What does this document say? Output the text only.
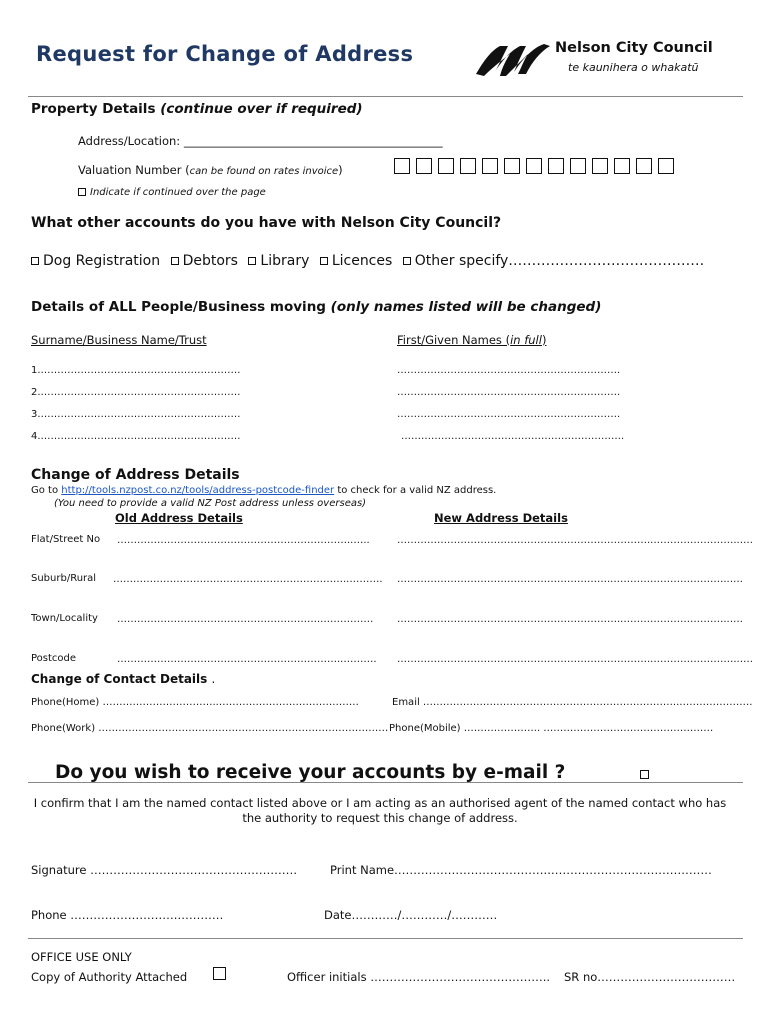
Request for Change of Address	Nelson City Council
te kaunihera o whakatū
Property Details (continue over if required)
Address/Location: _____________________________________________
Valuation Number (can be found on rates invoice)
Indicate if continued over the page
What other accounts do you have with Nelson City Council?
Dog Registration Debtors Library Licences Other specify……………………………………
Details of ALL People/Business moving (only names listed will be changed)
Surname/Business Name/Trust	First/Given Names (in full)
1.……………………………………………………	………………………………………………………….
2.……………………………………………………	………………………………………………………….
3.……………………………………………………	………………………………………………………….
4.……………………………………………………	………………………………………………………….
Change of Address Details
Go to http://tools.nzpost.co.nz/tools/address-postcode-finder to check for a valid NZ address.
(You need to provide a valid NZ Post address unless overseas)
Old Address Details	New Address Details
Flat/Street No ……………………………………………………………..…..	…………………………………………………………………..……………………..….
Suburb/Rural ……………………………………………………………..………. ………………………………………………………..……………………………..….
Town/Locality ……………………………………………………..…………… …………………………………………………………..…………………………..….
Postcode	…………………………………………………………..………. …………………………………………………………………..……………………..….
Change of Contact Details .
Phone(Home) ……………………………..……………………………………	Email …………………………………………………………………..………………….
Phone(Work) …………………………………………………………………………… Phone(Mobile) ………………….. ……………………………………………
Do you wish to receive your accounts by e-mail ?
I confirm that I am the named contact listed above or I am acting as an authorised agent of the named contact who has the authority to request this change of address.
Signature ………………………………………………	Print Name…………………………………..……………………………………
Phone ……………………….…………	Date…………/…………/…………
OFFICE USE ONLY
Copy of Authority Attached	Officer initials ……………………………………….. SR no………………………………
